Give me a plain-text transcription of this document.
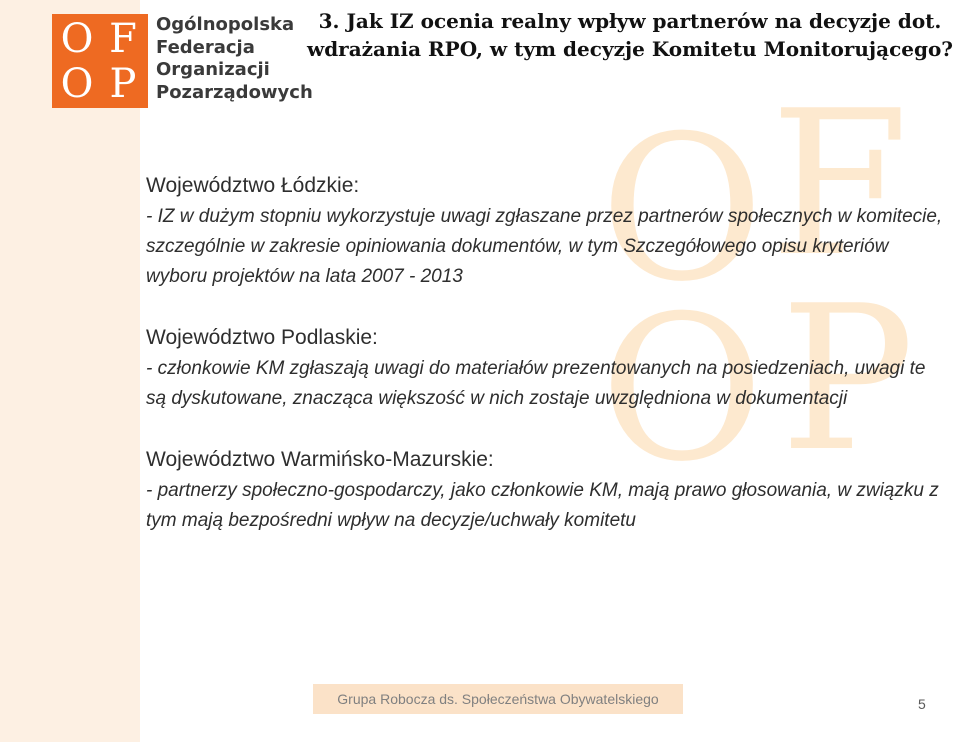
O F
O P
O F
O P
Ogólnopolska
Federacja
Organizacji
Pozarządowych
3. Jak IZ ocenia realny wpływ partnerów na decyzje dot. wdrażania RPO, w tym decyzje Komitetu Monitorującego?
Województwo Łódzkie:
- IZ w dużym stopniu wykorzystuje uwagi zgłaszane przez partnerów społecznych w komitecie, szczególnie w zakresie opiniowania dokumentów, w tym Szczegółowego opisu kryteriów wyboru projektów na lata 2007 - 2013
Województwo Podlaskie:
- członkowie KM zgłaszają uwagi do materiałów prezentowanych na posiedzeniach, uwagi te są dyskutowane, znacząca większość w nich zostaje uwzględniona w dokumentacji
Województwo Warmińsko-Mazurskie:
- partnerzy społeczno-gospodarczy, jako członkowie KM, mają prawo głosowania, w związku z tym mają bezpośredni wpływ na decyzje/uchwały komitetu
Grupa Robocza ds. Społeczeństwa Obywatelskiego	5
